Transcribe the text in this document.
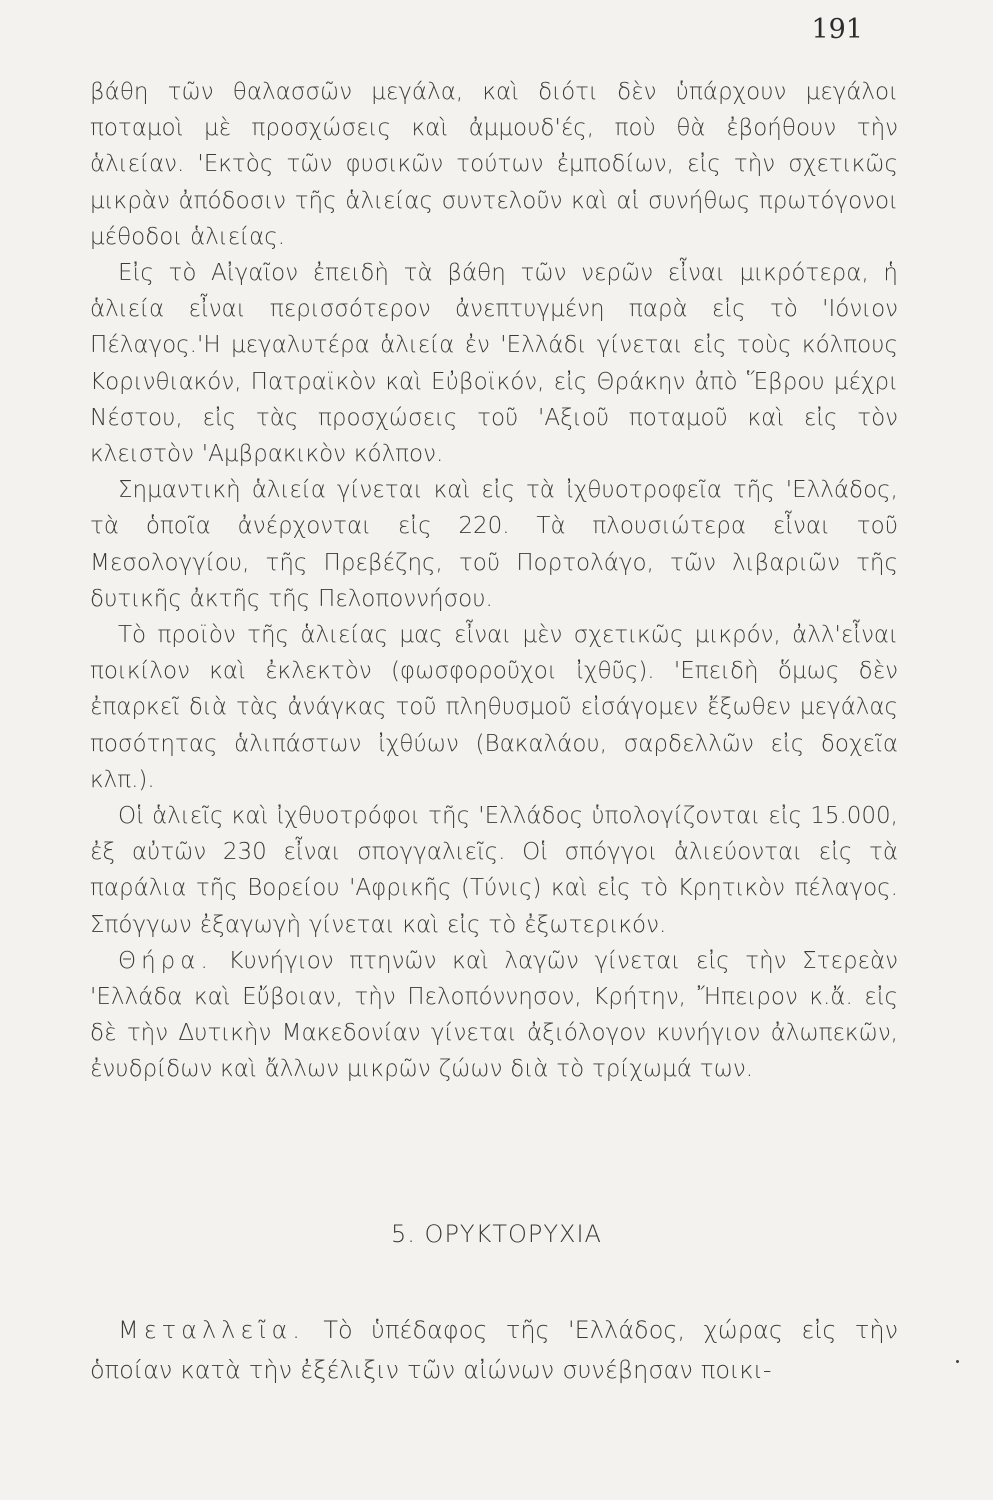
191

βάθη τῶν θαλασσῶν μεγάλα, καὶ διότι δὲν ὑπάρχουν μεγάλοι ποταμοὶ μὲ προσχώσεις καὶ ἀμμουδ'ές, ποὺ θὰ ἐβοήθουν τὴν ἁλιείαν. 'Εκτὸς τῶν φυσικῶν τούτων ἐμποδίων, εἰς τὴν σχετικῶς μικρὰν ἀπόδοσιν τῆς ἁλιείας συντελοῦν καὶ αἱ συνήθως πρωτόγονοι μέθοδοι ἁλιείας.

Εἰς τὸ Αἰγαῖον ἐπειδὴ τὰ βάθη τῶν νερῶν εἶναι μικρότερα, ἡ ἁλιεία εἶναι περισσότερον ἀνεπτυγμένη παρὰ εἰς τὸ 'Ιόνιον Πέλαγος.'Η μεγαλυτέρα ἁλιεία ἐν 'Ελλάδι γίνεται εἰς τοὺς κόλπους Κορινθιακόν, Πατραϊκὸν καὶ Εὐβοϊκόν, εἰς Θράκην ἀπὸ Ἕβρου μέχρι Νέστου, εἰς τὰς προσχώσεις τοῦ 'Αξιοῦ ποταμοῦ καὶ εἰς τὸν κλειστὸν 'Αμβρακικὸν κόλπον.

Σημαντικὴ ἁλιεία γίνεται καὶ εἰς τὰ ἰχθυοτροφεῖα τῆς 'Ελλάδος, τὰ ὁποῖα ἀνέρχονται εἰς 220. Τὰ πλουσιώτερα εἶναι τοῦ Μεσολογγίου, τῆς Πρεβέζης, τοῦ Πορτολάγο, τῶν λιβαριῶν τῆς δυτικῆς ἀκτῆς τῆς Πελοποννήσου.

Τὸ προϊὸν τῆς ἁλιείας μας εἶναι μὲν σχετικῶς μικρόν, ἀλλ'εἶναι ποικίλον καὶ ἐκλεκτὸν (φωσφοροῦχοι ἰχθῦς). 'Επειδὴ ὅμως δὲν ἐπαρκεῖ διὰ τὰς ἀνάγκας τοῦ πληθυσμοῦ εἰσάγομεν ἔξωθεν μεγάλας ποσότητας ἁλιπάστων ἰχθύων (Βακαλάου, σαρδελλῶν εἰς δοχεῖα κλπ.).

Οἱ ἁλιεῖς καὶ ἰχθυοτρόφοι τῆς 'Ελλάδος ὑπολογίζονται εἰς 15.000, ἐξ αὐτῶν 230 εἶναι σπογγαλιεῖς. Οἱ σπόγγοι ἁλιεύονται εἰς τὰ παράλια τῆς Βορείου 'Αφρικῆς (Τύνις) καὶ εἰς τὸ Κρητικὸν πέλαγος. Σπόγγων ἐξαγωγὴ γίνεται καὶ εἰς τὸ ἐξωτερικόν.

Θήρα. Κυνήγιον πτηνῶν καὶ λαγῶν γίνεται εἰς τὴν Στερεὰν 'Ελλάδα καὶ Εὔβοιαν, τὴν Πελοπόννησον, Κρήτην, Ἤπειρον κ.ἄ. εἰς δὲ τὴν Δυτικὴν Μακεδονίαν γίνεται ἀξιόλογον κυνήγιον ἀλωπεκῶν, ἐνυδρίδων καὶ ἄλλων μικρῶν ζώων διὰ τὸ τρίχωμά των.

5. ΟΡΥΚΤΟΡΥΧΙΑ

Μεταλλεῖα. Τὸ ὑπέδαφος τῆς 'Ελλάδος, χώρας εἰς τὴν ὁποίαν κατὰ τὴν ἐξέλιξιν τῶν αἰώνων συνέβησαν ποικι-
